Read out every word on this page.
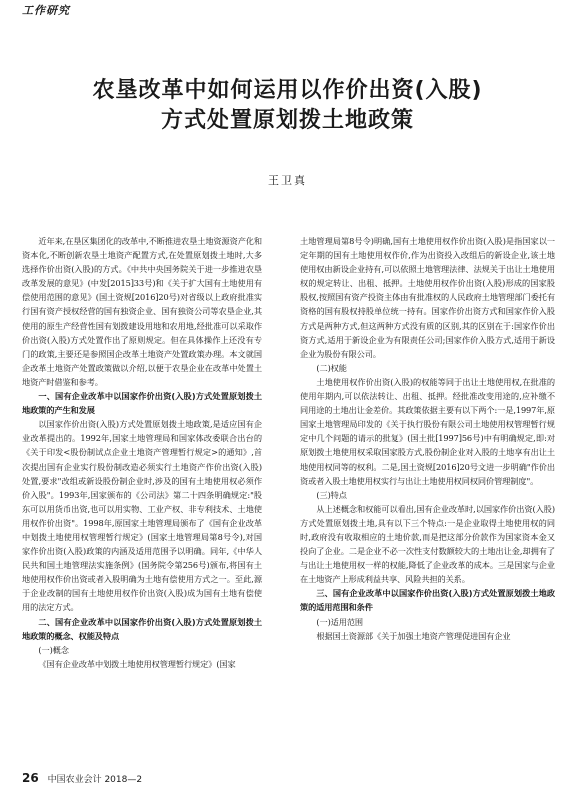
工作研究
农垦改革中如何运用以作价出资(入股)
方式处置原划拨土地政策
王卫真

近年来,在垦区集团化的改革中,不断推进农垦土地资源资产化和资本化,不断创新农垦土地资产配置方式,在处置原划拨土地时,大多选择作价出资(入股)的方式。《中共中央国务院关于进一步推进农垦改革发展的意见》(中发[2015]33号)和《关于扩大国有土地使用有偿使用范围的意见》(国土资规[2016]20号)对省级以上政府批准实行国有资产授权经营的国有独资企业、国有独资公司等农垦企业,其使用的原生产经营性国有划拨建设用地和农用地,经批准可以采取作价出资(入股)方式处置作出了原则规定。但在具体操作上还没有专门的政策,主要还是参照国企改革土地资产处置政策办理。本文就国企改革土地资产处置政策做以介绍,以便于农垦企业在改革中处置土地资产时借鉴和参考。

一、国有企业改革中以国家作价出资(入股)方式处置原划拨土地政策的产生和发展

以国家作价出资(入股)方式处置原划拨土地政策,是适应国有企业改革提出的。1992年,国家土地管理局和国家体改委联合出台的《关于印发<股份制试点企业土地资产管理暂行规定>的通知》,首次提出国有企业实行股份制改造必须实行土地资产作价出资(入股)处置,要求"改组或新设股份制企业时,涉及的国有土地使用权必须作价入股"。1993年,国家颁布的《公司法》第二十四条明确规定:"股东可以用货币出资,也可以用实物、工业产权、非专利技术、土地使用权作价出资"。1998年,原国家土地管理局颁布了《国有企业改革中划拨土地使用权管理暂行规定》(国家土地管理局第8号令),对国家作价出资(入股)政策的内涵及适用范围予以明确。同年,《中华人民共和国土地管理法实施条例》(国务院令第256号)颁布,将国有土地使用权作价出资或者入股明确为土地有偿使用方式之一。至此,源于企业改制的国有土地使用权作价出资(入股)成为国有土地有偿使用的法定方式。

二、国有企业改革中以国家作价出资(入股)方式处置原划拨土地政策的概念、权能及特点
(一)概念

《国有企业改革中划拨土地使用权管理暂行规定》(国家

土地管理局第8号令)明确,国有土地使用权作价出资(入股)是指国家以一定年期的国有土地使用权作价,作为出资投入改组后的新设企业,该土地使用权由新设企业持有,可以依照土地管理法律、法规关于出让土地使用权的规定转让、出租、抵押。土地使用权作价出资(入股)形成的国家股股权,按照国有资产投资主体由有批准权的人民政府土地管理部门委托有资格的国有股权持股单位统一持有。国家作价出资方式和国家作价入股方式是两种方式,但这两种方式没有质的区别,其的区别在于:国家作价出资方式,适用于新设企业为有限责任公司;国家作价入股方式,适用于新设企业为股份有限公司。

(二)权能

土地使用权作价出资(入股)的权能等同于出让土地使用权,在批准的使用年期内,可以依法转让、出租、抵押。经批准改变用途的,应补缴不同用途的土地出让金差价。其政策依据主要有以下两个:一是,1997年,原国家土地管理局印发的《关于执行股份有限公司土地使用权管理暂行规定中几个问题的请示的批复》(国土批[1997]56号)中有明确规定,即:对原划拨土地使用权采取国家股方式,股份制企业对入股的土地享有出让土地使用权同等的权利。二是,国土资规[2016]20号文进一步明确"作价出资或者入股土地使用权实行与出让土地使用权同权同价管理制度"。

(三)特点

从上述概念和权能可以看出,国有企业改革时,以国家作价出资(入股)方式处置原划拨土地,具有以下三个特点:一是企业取得土地使用权的同时,政府没有收取相应的土地价款,而是把这部分价款作为国家资本金又投向了企业。二是企业不必一次性支付数额较大的土地出让金,却拥有了与出让土地使用权一样的权能,降低了企业改革的成本。三是国家与企业在土地资产上形成利益共享、风险共担的关系。

三、国有企业改革中以国家作价出资(入股)方式处置原划拨土地政策的适用范围和条件
(一)适用范围

根据国土资源部《关于加强土地资产管理促进国有企业

26 中国农业会计 2018—2
